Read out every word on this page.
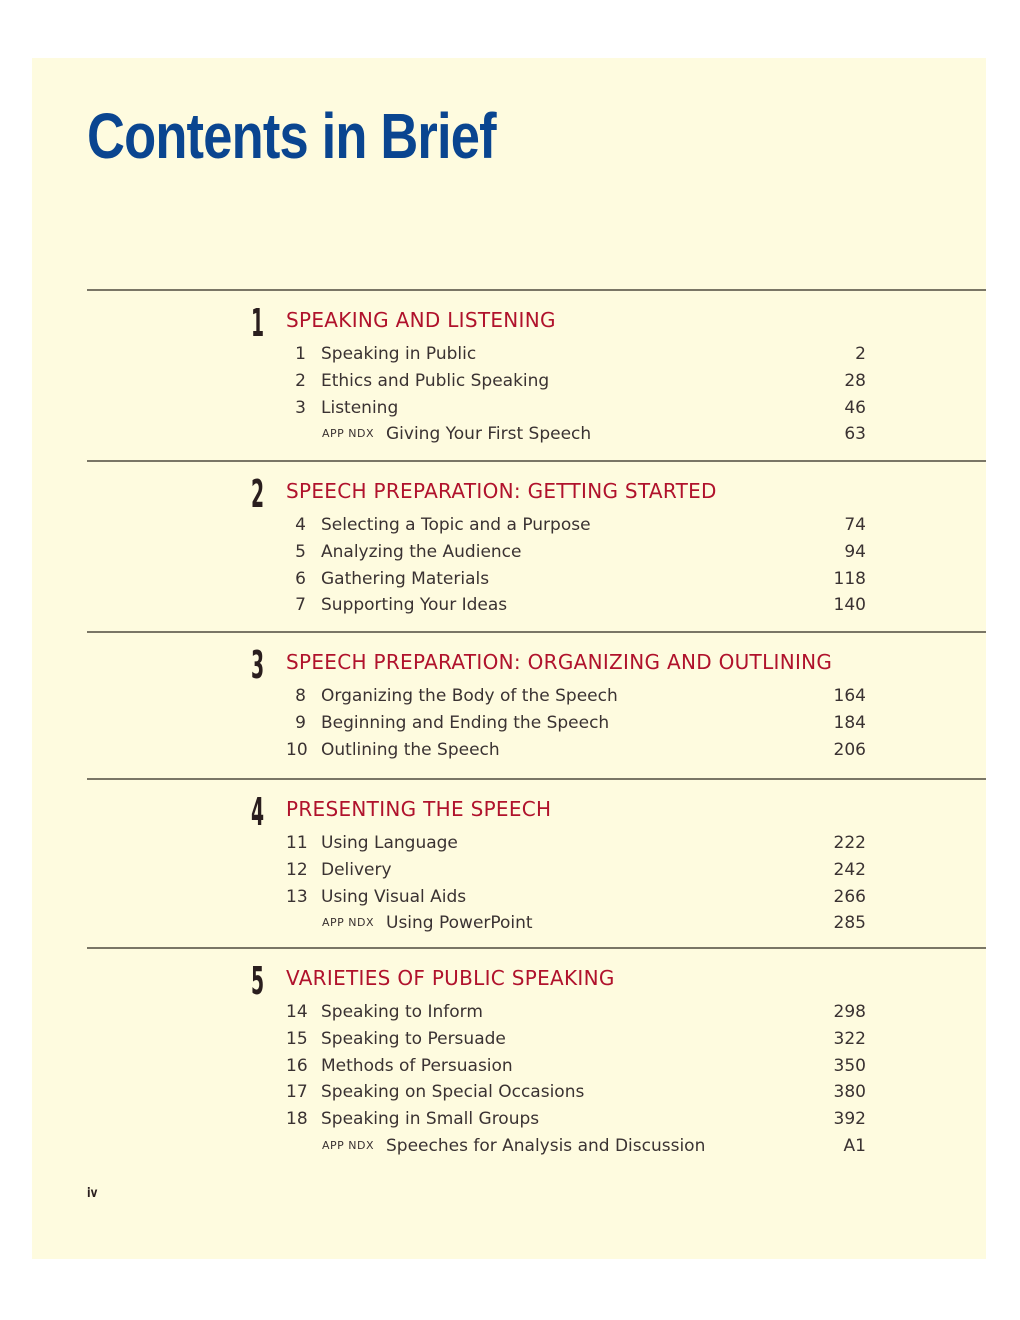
Contents in Brief
1 SPEAKING AND LISTENING
1 Speaking in Public	2
2 Ethics and Public Speaking	28
3 Listening	46
APP NDX Giving Your First Speech	63
2 SPEECH PREPARATION: GETTING STARTED
4 Selecting a Topic and a Purpose	74
5 Analyzing the Audience	94
6 Gathering Materials	118
7 Supporting Your Ideas	140
3 SPEECH PREPARATION: ORGANIZING AND OUTLINING
8 Organizing the Body of the Speech	164
9 Beginning and Ending the Speech	184
10 Outlining the Speech	206
4 PRESENTING THE SPEECH
11 Using Language	222
12 Delivery	242
13 Using Visual Aids	266
APP NDX Using PowerPoint	285
5 VARIETIES OF PUBLIC SPEAKING
14 Speaking to Inform	298
15 Speaking to Persuade	322
16 Methods of Persuasion	350
17 Speaking on Special Occasions	380
18 Speaking in Small Groups	392
APP NDX Speeches for Analysis and Discussion	A1
iv
